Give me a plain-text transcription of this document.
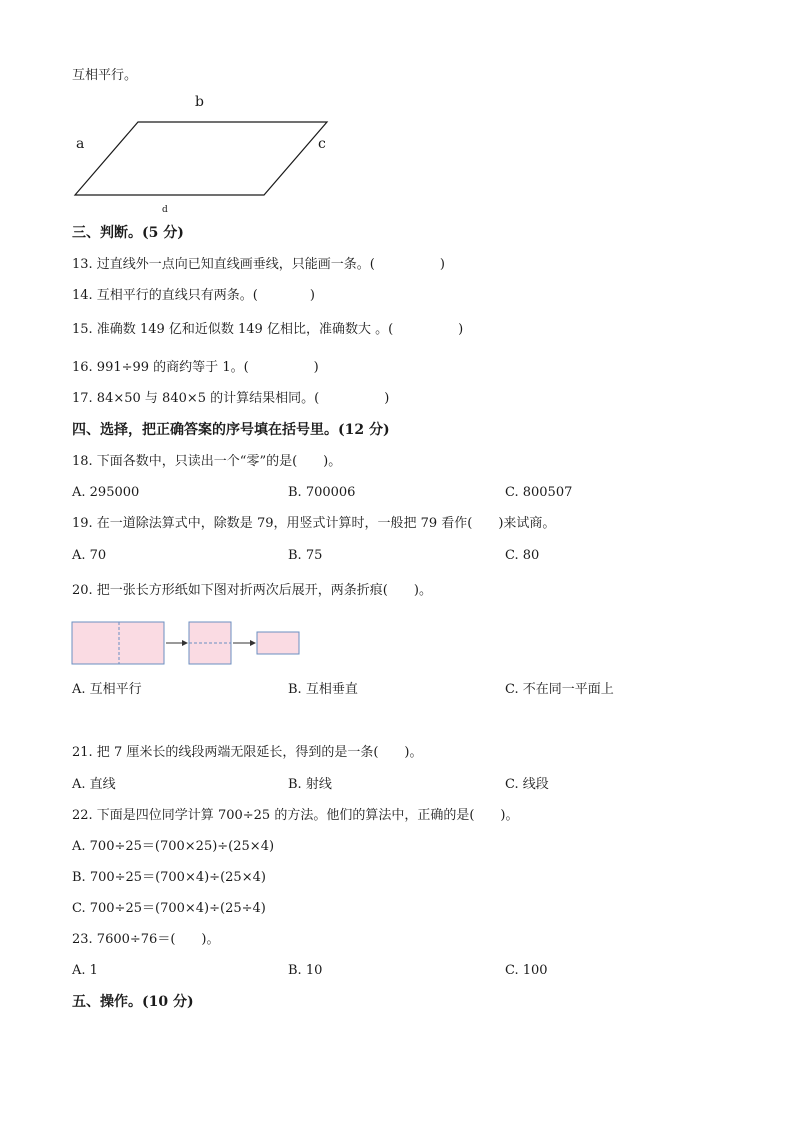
互相平行。
b
a	c
d
三、判断。(5 分)
13. 过直线外一点向已知直线画垂线，只能画一条。(　　　　　)
14. 互相平行的直线只有两条。(　　　　)
15. 准确数 149 亿和近似数 149 亿相比，准确数大 。(　　　　　)
16. 991÷99 的商约等于 1。(　　　　　)
17. 84×50 与 840×5 的计算结果相同。(　　　　　)
四、选择，把正确答案的序号填在括号里。(12 分)
18. 下面各数中，只读出一个“零”的是(　　)。
A. 295000	B. 700006	C. 800507
19. 在一道除法算式中，除数是 79，用竖式计算时，一般把 79 看作(　　)来试商。
A. 70	B. 75	C. 80
20. 把一张长方形纸如下图对折两次后展开，两条折痕(　　)。
A. 互相平行	B. 互相垂直	C. 不在同一平面上
21. 把 7 厘米长的线段两端无限延长，得到的是一条(　　)。
A. 直线	B. 射线	C. 线段
22. 下面是四位同学计算 700÷25 的方法。他们的算法中，正确的是(　　)。
A. 700÷25＝(700×25)÷(25×4)
B. 700÷25＝(700×4)÷(25×4)
C. 700÷25＝(700×4)÷(25÷4)
23. 7600÷76＝(　　)。
A. 1	B. 10	C. 100
五、操作。(10 分)
